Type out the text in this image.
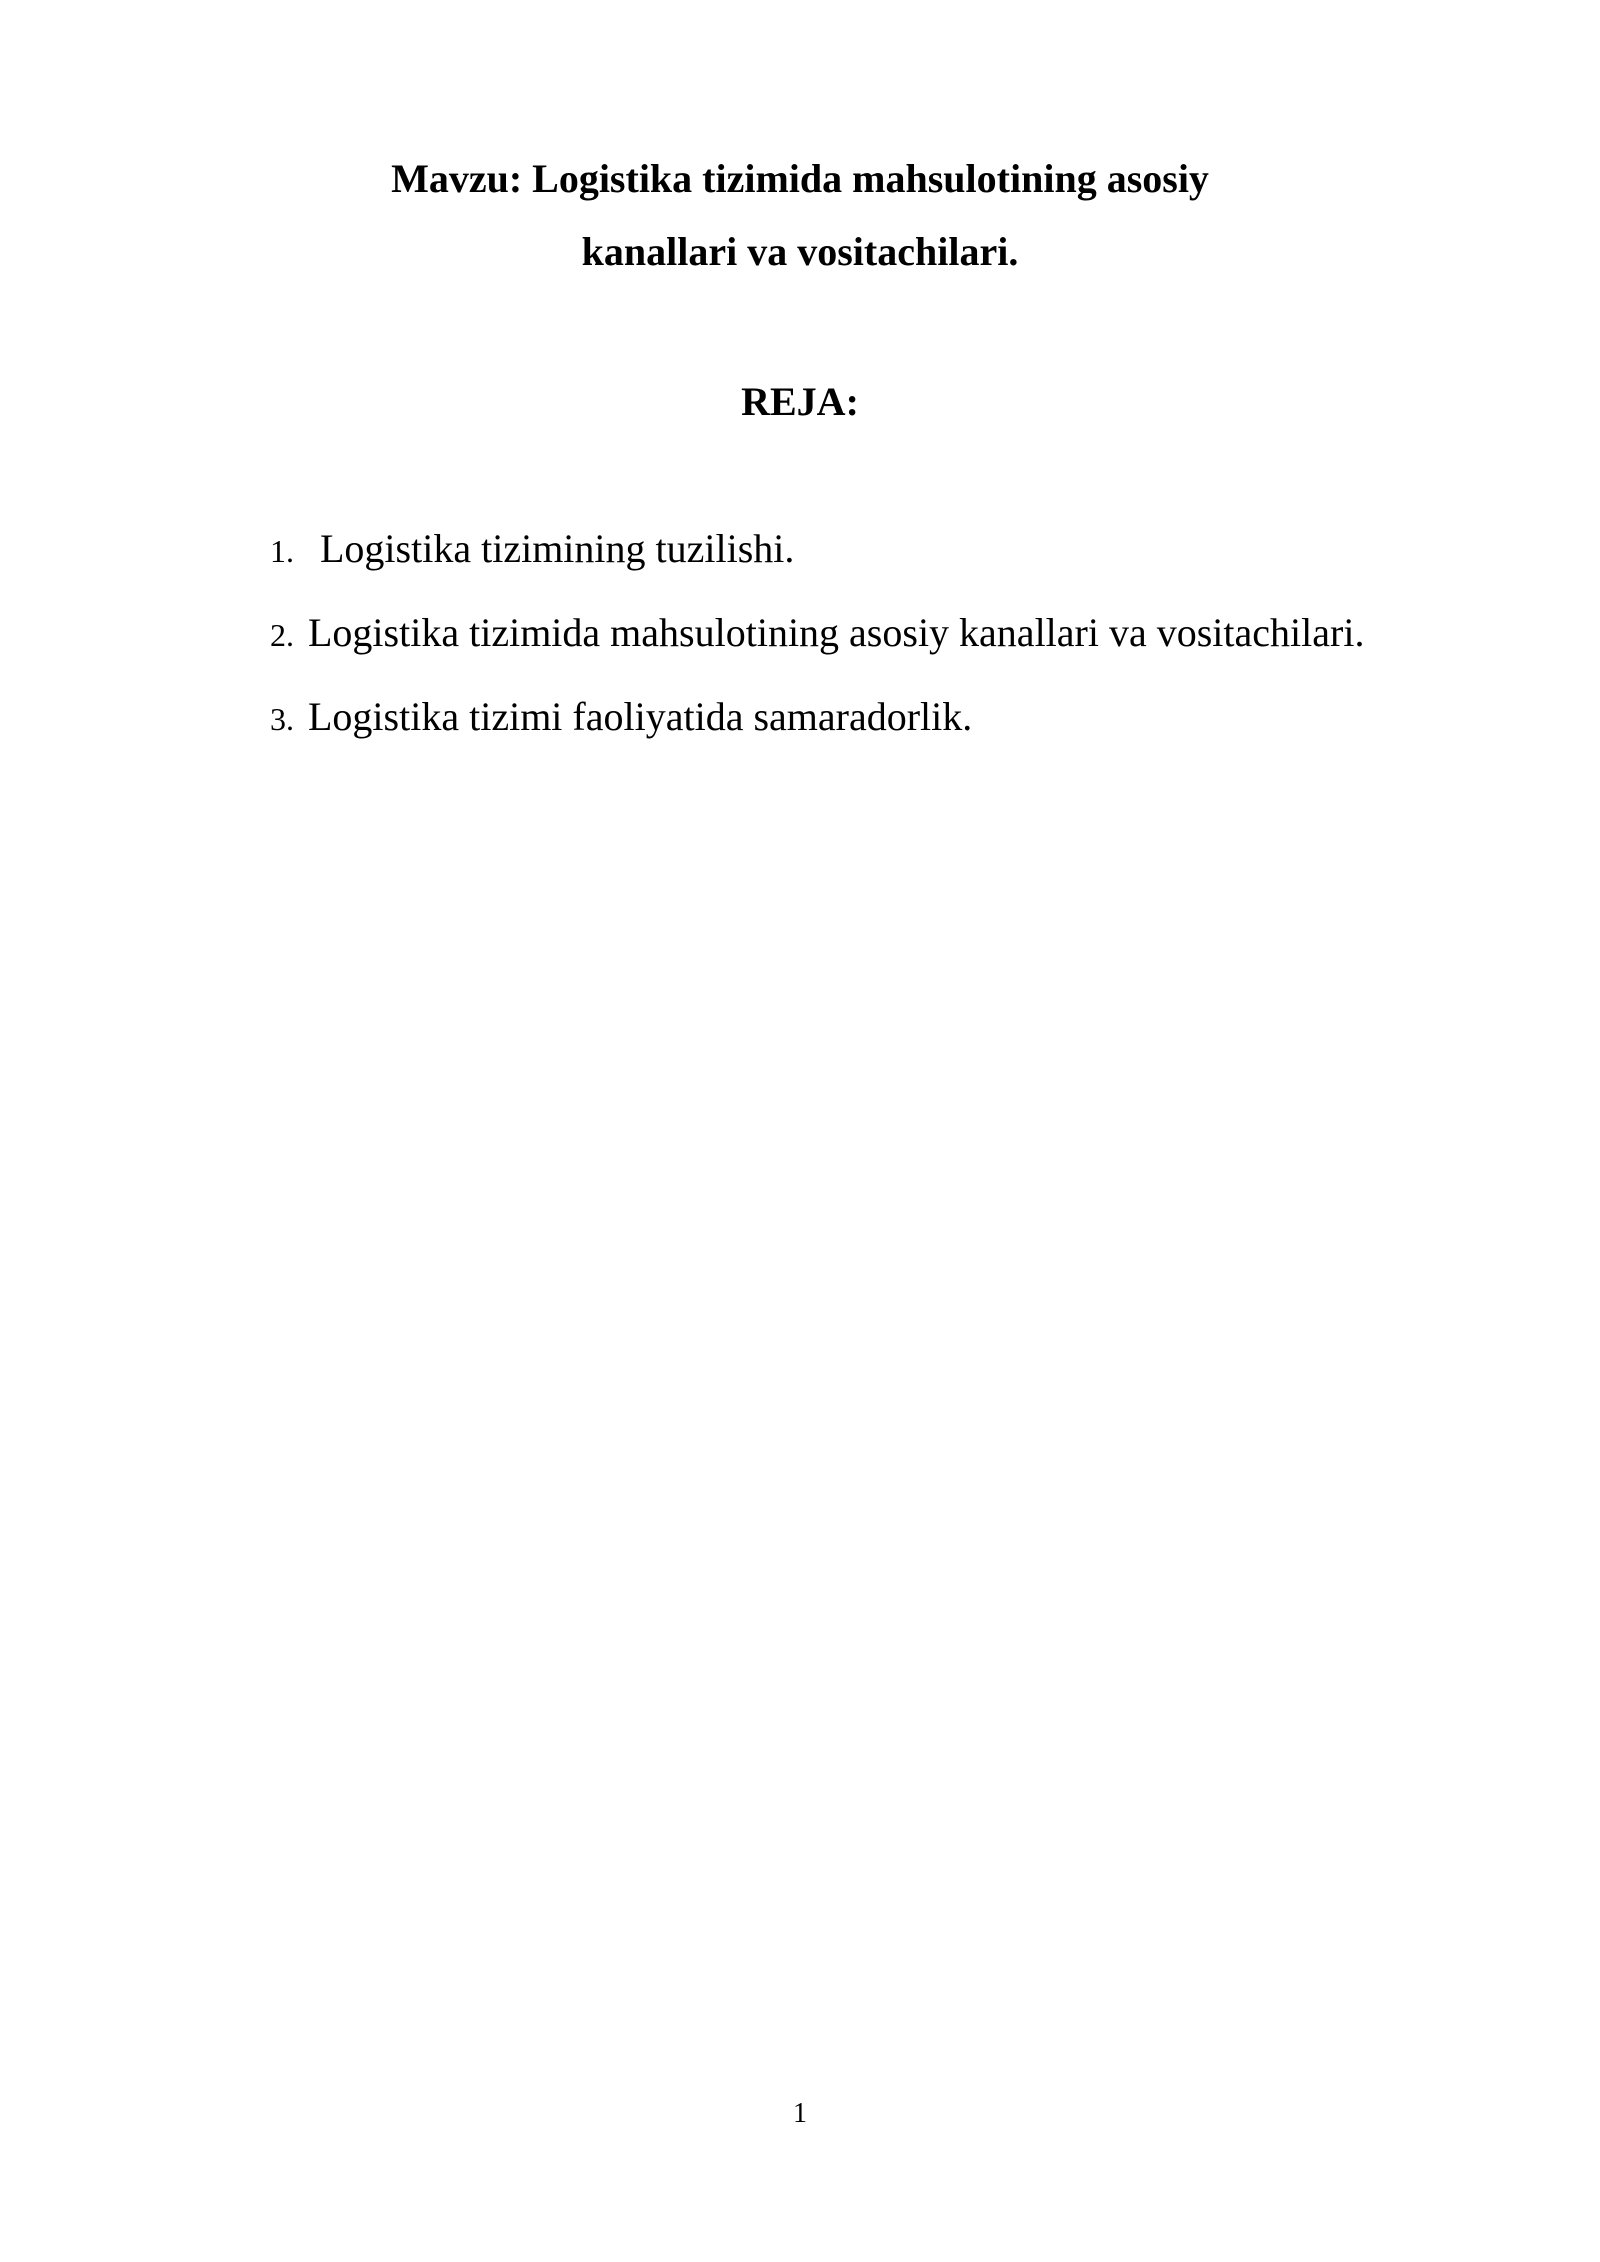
Mavzu: Logistika tizimida mahsulotining asosiy
kanallari va vositachilari.
REJA:
1. Logistika tizimining tuzilishi.
2. Logistika tizimida mahsulotining asosiy kanallari va vositachilari.
3. Logistika tizimi faoliyatida samaradorlik.
1
